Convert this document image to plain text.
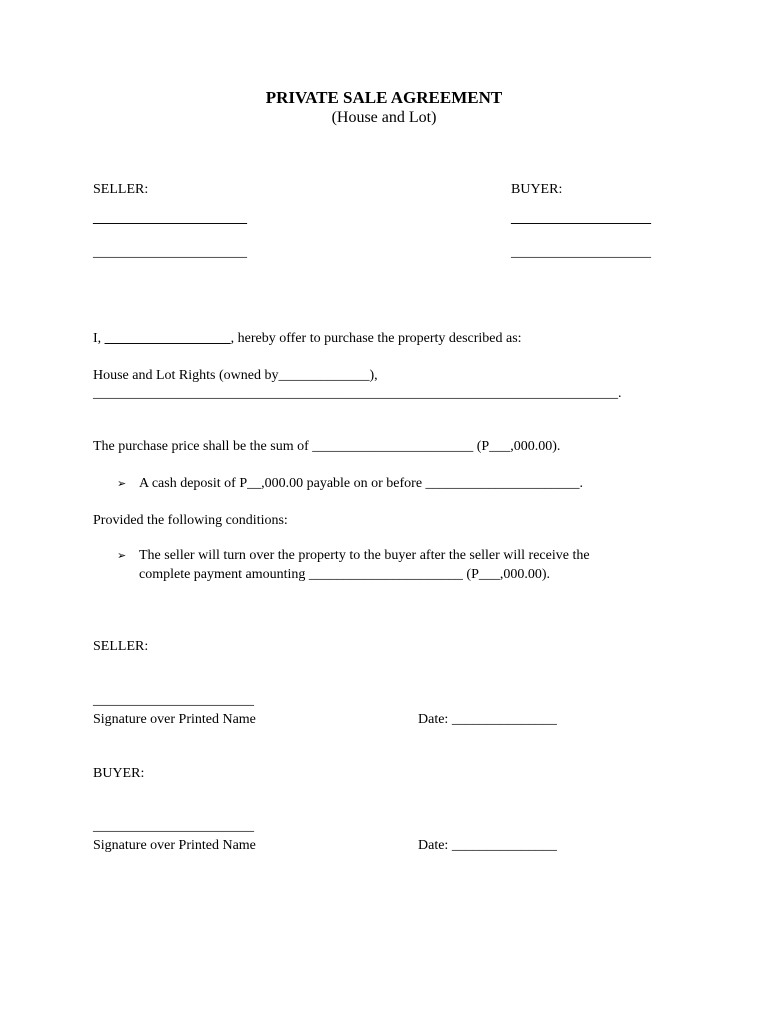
PRIVATE SALE AGREEMENT
(House and Lot)
SELLER:
______________________
______________________
BUYER:
____________________
____________________
I, __________________, hereby offer to purchase the property described as:
House and Lot Rights (owned by_____________),
___________________________________________________________________________.
The purchase price shall be the sum of _______________________ (P___,000.00).
➢ A cash deposit of P__,000.00 payable on or before ______________________.
Provided the following conditions:
➢ The seller will turn over the property to the buyer after the seller will receive the
complete payment amounting ______________________ (P___,000.00).
SELLER:
_______________________
Signature over Printed Name	Date: _______________
BUYER:
_______________________
Signature over Printed Name	Date: _______________
